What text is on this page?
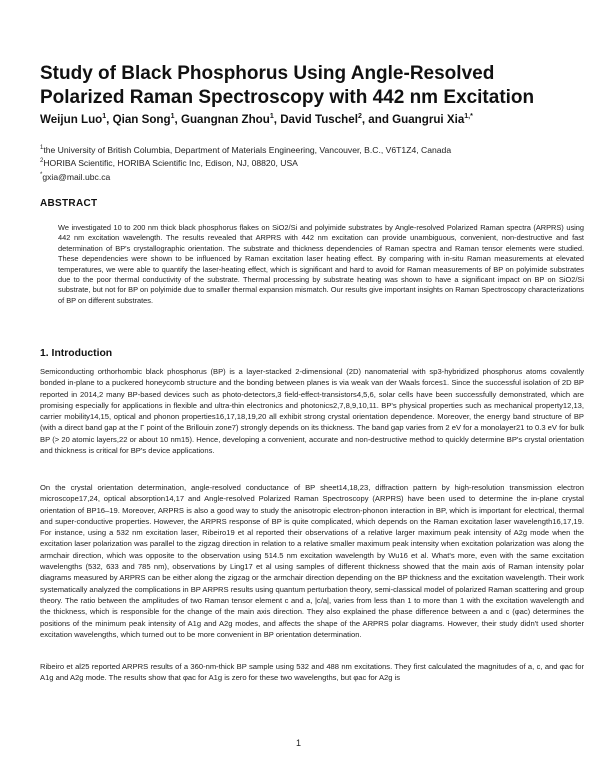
Study of Black Phosphorus Using Angle-Resolved Polarized Raman Spectroscopy with 442 nm Excitation
Weijun Luo$^1$, Qian Song$^1$, Guangnan Zhou$^1$, David Tuschel$^2$, and Guangrui Xia$^{1,*}$
$^1$the University of British Columbia, Department of Materials Engineering, Vancouver, B.C., V6T1Z4, Canada
$^2$HORIBA Scientific, HORIBA Scientific Inc, Edison, NJ, 08820, USA
*gxia@mail.ubc.ca
ABSTRACT
We investigated 10 to 200 nm thick black phosphorus flakes on SiO2/Si and polyimide substrates by Angle-resolved Polarized Raman spectra (ARPRS) using 442 nm excitation wavelength. The results revealed that ARPRS with 442 nm excitation can provide unambiguous, convenient, non-destructive and fast determination of BP's crystallographic orientation. The substrate and thickness dependencies of Raman spectra and Raman tensor elements were studied. These dependencies were shown to be influenced by Raman excitation laser heating effect. By comparing with in-situ Raman measurements at elevated temperatures, we were able to quantify the laser-heating effect, which is significant and hard to avoid for Raman measurements of BP on polyimide substrates due to the poor thermal conductivity of the substrate. Thermal processing by substrate heating was shown to have a significant impact on BP on SiO2/Si substrate, but not for BP on polyimide due to smaller thermal expansion mismatch. Our results give important insights on Raman Spectroscopy characterizations of BP on different substrates.
1. Introduction
Semiconducting orthorhombic black phosphorus (BP) is a layer-stacked 2-dimensional (2D) nanomaterial with sp3-hybridized phosphorus atoms covalently bonded in-plane to a puckered honeycomb structure and the bonding between planes is via weak van der Waals forces1. Since the successful isolation of 2D BP reported in 2014,2 many BP-based devices such as photo-detectors,3 field-effect-transistors4,5,6, solar cells have been successfully demonstrated, which are promising especially for applications in flexible and ultra-thin electronics and photonics2,7,8,9,10,11. BP's physical properties such as mechanical property12,13, carrier mobility14,15, optical and phonon properties16,17,18,19,20 all exhibit strong crystal orientation dependence. Moreover, the energy band structure of BP (with a direct band gap at the Γ point of the Brillouin zone7) strongly depends on its thickness. The band gap varies from 2 eV for a monolayer21 to 0.3 eV for bulk BP (> 20 atomic layers,22 or about 10 nm15). Hence, developing a convenient, accurate and non-destructive method to quickly determine BP's crystal orientation and thickness is critical for BP's device applications.
On the crystal orientation determination, angle-resolved conductance of BP sheet14,18,23, diffraction pattern by high-resolution transmission electron microscope17,24, optical absorption14,17 and Angle-resolved Polarized Raman Spectroscopy (ARPRS) have been used to determine the in-plane crystal orientation of BP16–19. Moreover, ARPRS is also a good way to study the anisotropic electron-phonon interaction in BP, which is important for electrical, thermal and super-conductive properties. However, the ARPRS response of BP is quite complicated, which depends on the Raman excitation laser wavelength16,17,19. For instance, using a 532 nm excitation laser, Ribeiro19 et al reported their observations of a relative larger maximum peak intensity of A2g mode when the excitation laser polarization was parallel to the zigzag direction in relation to a relative smaller maximum peak intensity when excitation polarization was along the armchair direction, which was opposite to the observation using 514.5 nm excitation wavelength by Wu16 et al. What's more, even with the same excitation wavelengths (532, 633 and 785 nm), observations by Ling17 et al using samples of different thickness showed that the main axis of Raman intensity polar diagrams measured by ARPRS can be either along the zigzag or the armchair direction depending on the BP thickness and the excitation wavelength. Their work systematically analyzed the complications in BP ARPRS results using quantum perturbation theory, semi-classical model of polarized Raman scattering and group theory. The ratio between the amplitudes of two Raman tensor element c and a, |c/a|, varies from less than 1 to more than 1 with the excitation wavelength and the thickness, which is responsible for the change of the main axis direction. They also explained the phase difference between a and c (φac) determines the positions of the minimum peak intensity of A1g and A2g modes, and affects the shape of the ARPRS polar diagrams. However, their study didn't used shorter excitation wavelengths, which turned out to be more convenient in BP orientation determination.
Ribeiro et al25 reported ARPRS results of a 360-nm-thick BP sample using 532 and 488 nm excitations. They first calculated the magnitudes of a, c, and φac for A1g and A2g mode. The results show that φac for A1g is zero for these two wavelengths, but φac for A2g is
1
